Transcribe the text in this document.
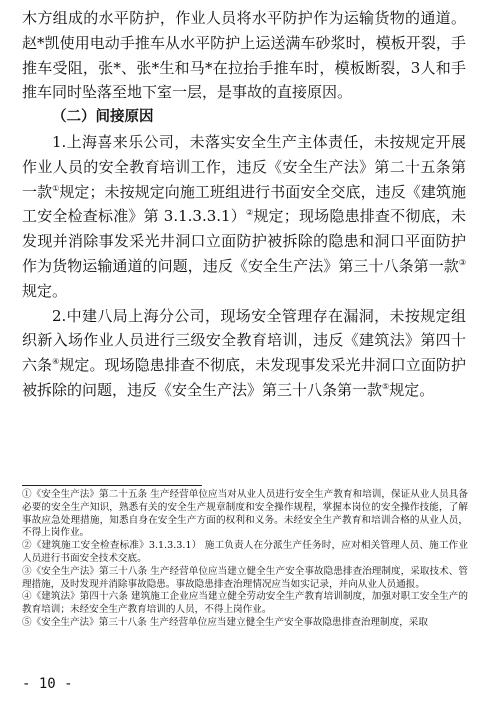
木方组成的水平防护，作业人员将水平防护作为运输货物的通道。赵*凯使用电动手推车从水平防护上运送满车砂浆时，模板开裂，手推车受阻，张*、张*生和马*在拉抬手推车时，模板断裂，3人和手推车同时坠落至地下室一层，是事故的直接原因。

（二）间接原因

1.上海喜来乐公司，未落实安全生产主体责任，未按规定开展作业人员的安全教育培训工作，违反《安全生产法》第二十五条第一款①规定；未按规定向施工班组进行书面安全交底，违反《建筑施工安全检查标准》第 3.1.3.3.1）②规定；现场隐患排查不彻底，未发现并消除事发采光井洞口立面防护被拆除的隐患和洞口平面防护作为货物运输通道的问题，违反《安全生产法》第三十八条第一款③规定。

2.中建八局上海分公司，现场安全管理存在漏洞，未按规定组织新入场作业人员进行三级安全教育培训，违反《建筑法》第四十六条④规定。现场隐患排查不彻底，未发现事发采光井洞口立面防护被拆除的问题，违反《安全生产法》第三十八条第一款⑤规定。

①《安全生产法》第二十五条 生产经营单位应当对从业人员进行安全生产教育和培训，保证从业人员具备必要的安全生产知识，熟悉有关的安全生产规章制度和安全操作规程，掌握本岗位的安全操作技能，了解事故应急处理措施，知悉自身在安全生产方面的权利和义务。未经安全生产教育和培训合格的从业人员，不得上岗作业。

②《建筑施工安全检查标准》3.1.3.3.1） 施工负责人在分派生产任务时，应对相关管理人员、施工作业人员进行书面安全技术交底。

③《安全生产法》第三十八条 生产经营单位应当建立健全生产安全事故隐患排查治理制度，采取技术、管理措施，及时发现并消除事故隐患。事故隐患排查治理情况应当如实记录，并向从业人员通报。

④《建筑法》第四十六条 建筑施工企业应当建立健全劳动安全生产教育培训制度，加强对职工安全生产的教育培训；未经安全生产教育培训的人员，不得上岗作业。

⑤《安全生产法》第三十八条 生产经营单位应当建立健全生产安全事故隐患排查治理制度，采取

- 10 -
